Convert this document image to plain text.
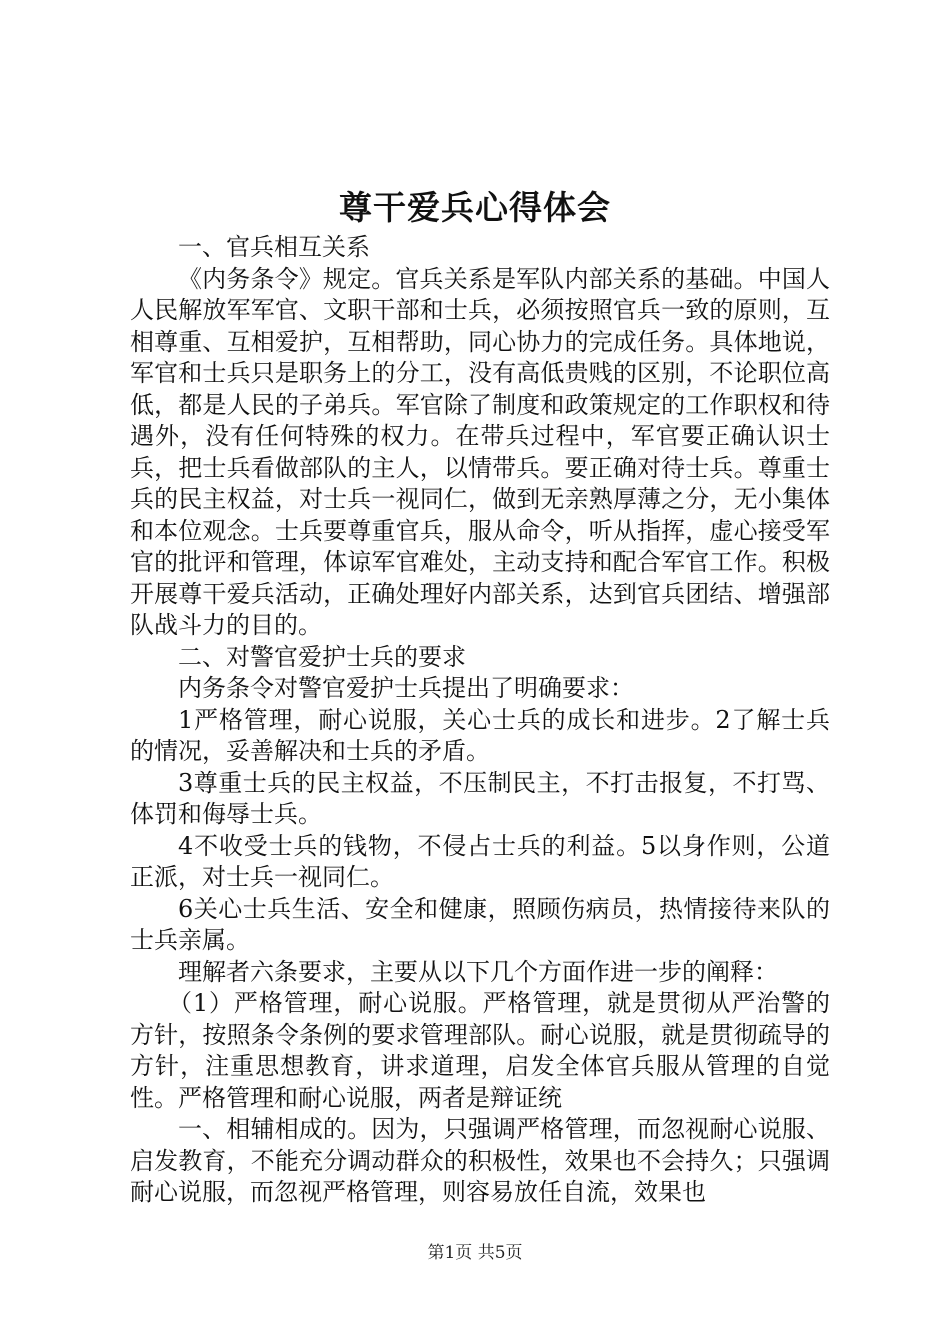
尊干爱兵心得体会

一、官兵相互关系

《内务条令》规定。官兵关系是军队内部关系的基础。中国人人民解放军军官、文职干部和士兵，必须按照官兵一致的原则，互相尊重、互相爱护，互相帮助，同心协力的完成任务。具体地说，军官和士兵只是职务上的分工，没有高低贵贱的区别，不论职位高低，都是人民的子弟兵。军官除了制度和政策规定的工作职权和待遇外，没有任何特殊的权力。在带兵过程中，军官要正确认识士兵，把士兵看做部队的主人，以情带兵。要正确对待士兵。尊重士兵的民主权益，对士兵一视同仁，做到无亲熟厚薄之分，无小集体和本位观念。士兵要尊重官兵，服从命令，听从指挥，虚心接受军官的批评和管理，体谅军官难处，主动支持和配合军官工作。积极开展尊干爱兵活动，正确处理好内部关系，达到官兵团结、增强部队战斗力的目的。

二、对警官爱护士兵的要求

内务条令对警官爱护士兵提出了明确要求：

1严格管理，耐心说服，关心士兵的成长和进步。2了解士兵的情况，妥善解决和士兵的矛盾。

3尊重士兵的民主权益，不压制民主，不打击报复，不打骂、体罚和侮辱士兵。

4不收受士兵的钱物，不侵占士兵的利益。5以身作则，公道正派，对士兵一视同仁。

6关心士兵生活、安全和健康，照顾伤病员，热情接待来队的士兵亲属。

理解者六条要求，主要从以下几个方面作进一步的阐释：

（1）严格管理，耐心说服。严格管理，就是贯彻从严治警的方针，按照条令条例的要求管理部队。耐心说服，就是贯彻疏导的方针，注重思想教育，讲求道理，启发全体官兵服从管理的自觉性。严格管理和耐心说服，两者是辩证统

一、相辅相成的。因为，只强调严格管理，而忽视耐心说服、启发教育，不能充分调动群众的积极性，效果也不会持久；只强调耐心说服，而忽视严格管理，则容易放任自流，效果也

第1页 共5页
